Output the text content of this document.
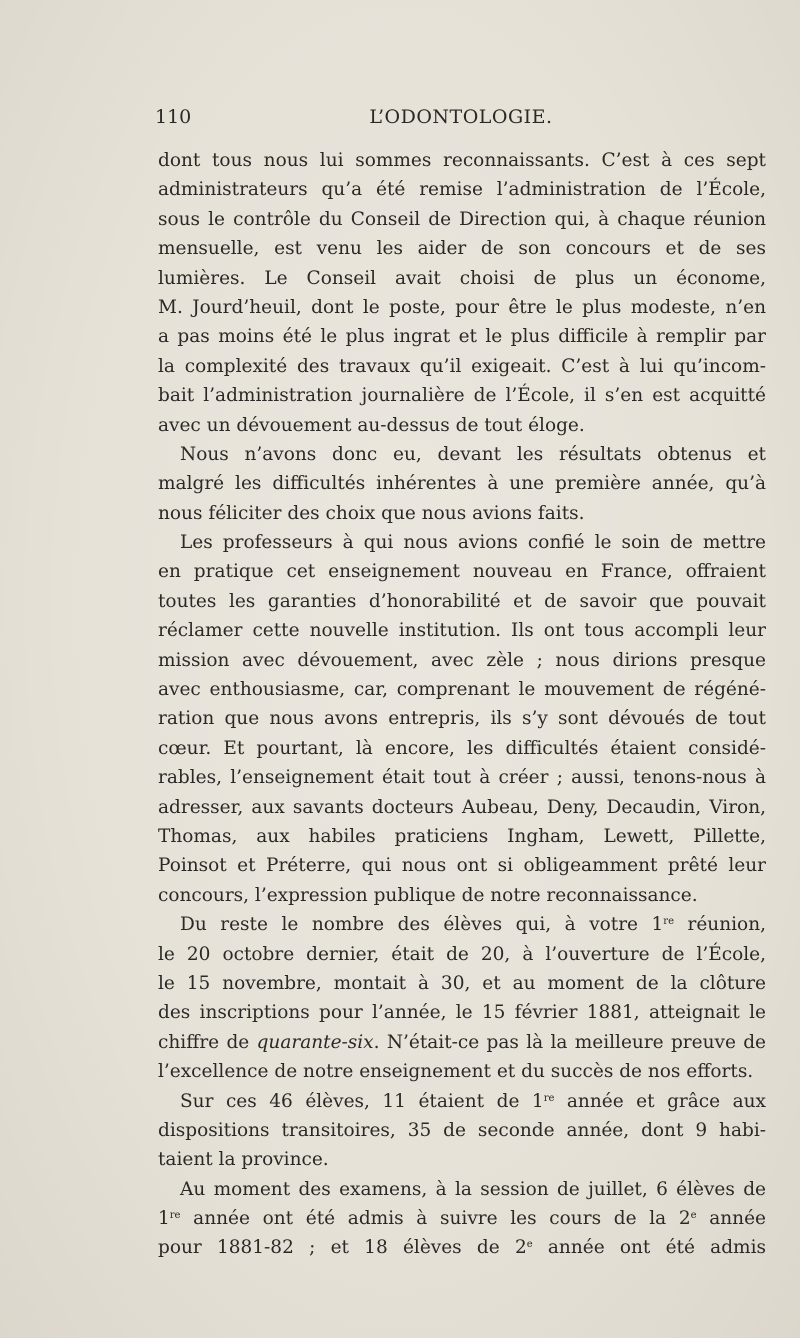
110	L’ODONTOLOGIE.
dont tous nous lui sommes reconnaissants. C’est à ces sept
administrateurs qu’a été remise l’administration de l’École,
sous le contrôle du Conseil de Direction qui, à chaque réunion
mensuelle, est venu les aider de son concours et de ses
lumières. Le Conseil avait choisi de plus un économe,
M. Jourd’heuil, dont le poste, pour être le plus modeste, n’en
a pas moins été le plus ingrat et le plus difficile à remplir par
la complexité des travaux qu’il exigeait. C’est à lui qu’incom-
bait l’administration journalière de l’École, il s’en est acquitté
avec un dévouement au-dessus de tout éloge.
Nous n’avons donc eu, devant les résultats obtenus et
malgré les difficultés inhérentes à une première année, qu’à
nous féliciter des choix que nous avions faits.
Les professeurs à qui nous avions confié le soin de mettre
en pratique cet enseignement nouveau en France, offraient
toutes les garanties d’honorabilité et de savoir que pouvait
réclamer cette nouvelle institution. Ils ont tous accompli leur
mission avec dévouement, avec zèle ; nous dirions presque
avec enthousiasme, car, comprenant le mouvement de régéné-
ration que nous avons entrepris, ils s’y sont dévoués de tout
cœur. Et pourtant, là encore, les difficultés étaient considé-
rables, l’enseignement était tout à créer ; aussi, tenons-nous à
adresser, aux savants docteurs Aubeau, Deny, Decaudin, Viron,
Thomas, aux habiles praticiens Ingham, Lewett, Pillette,
Poinsot et Préterre, qui nous ont si obligeamment prêté leur
concours, l’expression publique de notre reconnaissance.
Du reste le nombre des élèves qui, à votre 1re réunion,
le 20 octobre dernier, était de 20, à l’ouverture de l’École,
le 15 novembre, montait à 30, et au moment de la clôture
des inscriptions pour l’année, le 15 février 1881, atteignait le
chiffre de quarante-six. N’était-ce pas là la meilleure preuve de
l’excellence de notre enseignement et du succès de nos efforts.
Sur ces 46 élèves, 11 étaient de 1re année et grâce aux
dispositions transitoires, 35 de seconde année, dont 9 habi-
taient la province.
Au moment des examens, à la session de juillet, 6 élèves de
1re année ont été admis à suivre les cours de la 2e année
pour 1881-82 ; et 18 élèves de 2e année ont été admis
